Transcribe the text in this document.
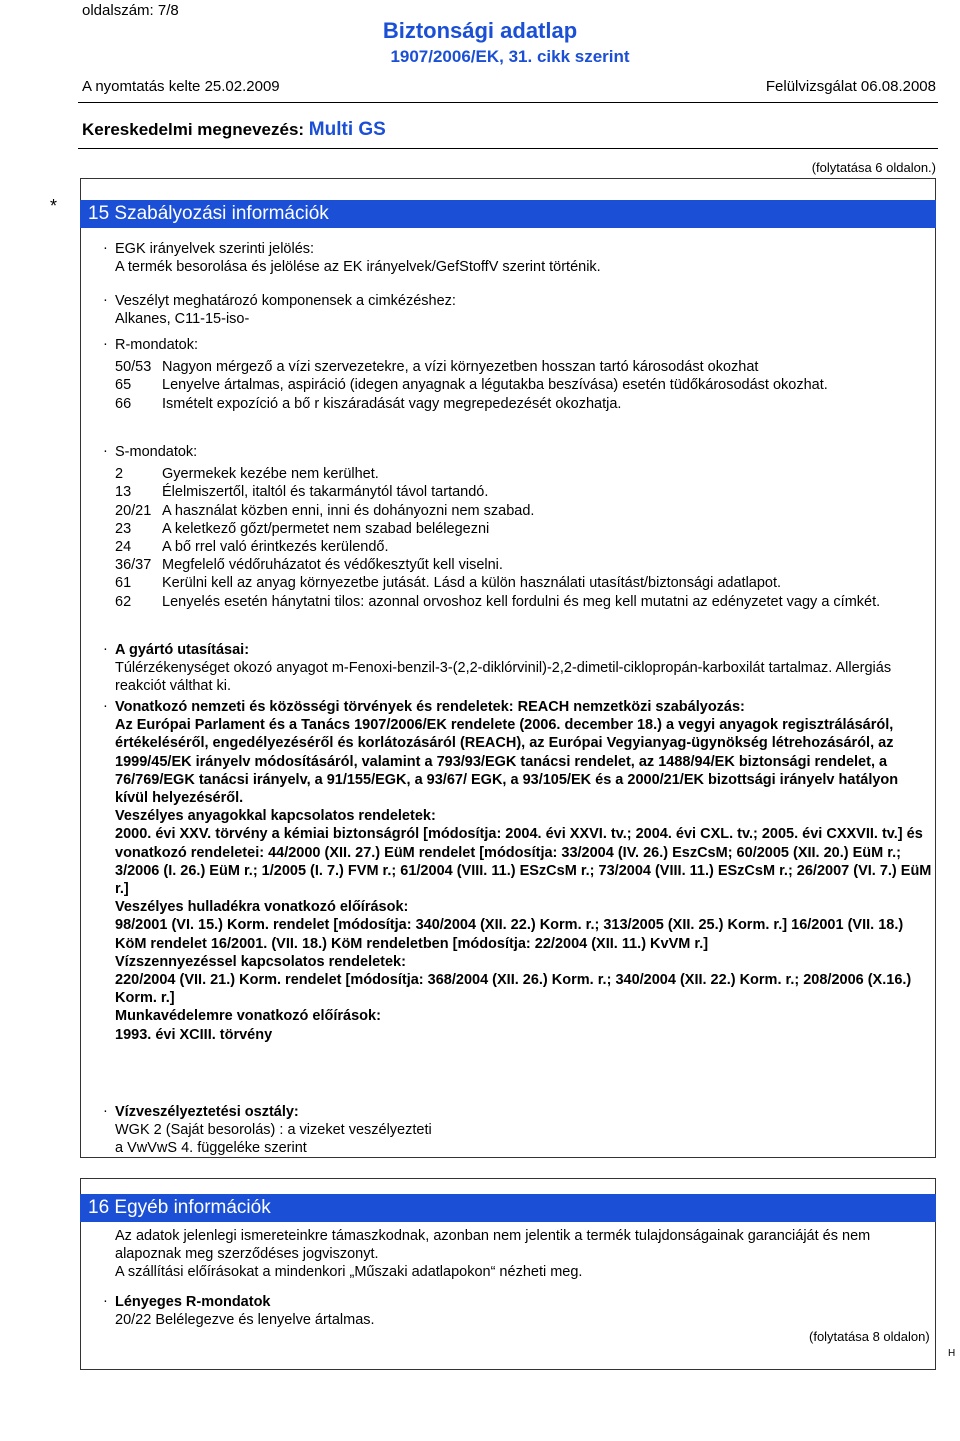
oldalszám: 7/8
Biztonsági adatlap
1907/2006/EK, 31. cikk szerint
A nyomtatás kelte 25.02.2009	Felülvizsgálat 06.08.2008
Kereskedelmi megnevezés: Multi GS
(folytatása 6 oldalon.)
*	15 Szabályozási információk
· EGK irányelvek szerinti jelölés:

A termék besorolása és jelölése az EK irányelvek/GefStoffV szerint történik.

· Veszélyt meghatározó komponensek a cimkézéshez:

Alkanes, C11-15-iso-

· R-mondatok:

50/53 Nagyon mérgező a vízi szervezetekre, a vízi környezetben hosszan tartó károsodást okozhat
65	Lenyelve ártalmas, aspiráció (idegen anyagnak a légutakba beszívása) esetén tüdőkárosodást okozhat.
66	Ismételt expozíció a bő r kiszáradását vagy megrepedezését okozhatja.
· S-mondatok:

2	Gyermekek kezébe nem kerülhet.
13	Élelmiszertől, italtól és takarmánytól távol tartandó.
20/21 A használat közben enni, inni és dohányozni nem szabad.
23	A keletkező gőzt/permetet nem szabad belélegezni
24	A bő rrel való érintkezés kerülendő.
36/37 Megfelelő védőruházatot és védőkesztyűt kell viselni.
61	Kerülni kell az anyag környezetbe jutását. Lásd a külön használati utasítást/biztonsági adatlapot.
62	Lenyelés esetén hánytatni tilos: azonnal orvoshoz kell fordulni és meg kell mutatni az edényzetet vagy a címkét.
· A gyártó utasításai:

Túlérzékenységet okozó anyagot m-Fenoxi-benzil-3-(2,2-diklórvinil)-2,2-dimetil-ciklopropán-karboxilát tartalmaz. Allergiás reakciót válthat ki.

· Vonatkozó nemzeti és közösségi törvények és rendeletek: REACH nemzetközi szabályozás:

Az Európai Parlament és a Tanács 1907/2006/EK rendelete (2006. december 18.) a vegyi anyagok regisztrálásáról, értékeléséről, engedélyezéséről és korlátozásáról (REACH), az Európai Vegyianyag-ügynökség létrehozásáról, az 1999/45/EK irányelv módosításáról, valamint a 793/93/EGK tanácsi rendelet, az 1488/94/EK biztonsági rendelet, a 76/769/EGK tanácsi irányelv, a 91/155/EGK, a 93/67/ EGK, a 93/105/EK és a 2000/21/EK bizottsági irányelv hatályon kívül helyezéséről.

Veszélyes anyagokkal kapcsolatos rendeletek:

2000. évi XXV. törvény a kémiai biztonságról [módosítja: 2004. évi XXVI. tv.; 2004. évi CXL. tv.; 2005. évi CXXVII. tv.] és vonatkozó rendeletei: 44/2000 (XII. 27.) EüM rendelet [módosítja: 33/2004 (IV. 26.) EszCsM; 60/2005 (XII. 20.) EüM r.; 3/2006 (I. 26.) EüM r.; 1/2005 (I. 7.) FVM r.; 61/2004 (VIII. 11.) ESzCsM r.; 73/2004 (VIII. 11.) ESzCsM r.; 26/2007 (VI. 7.) EüM r.]

Veszélyes hulladékra vonatkozó előírások:

98/2001 (VI. 15.) Korm. rendelet [módosítja: 340/2004 (XII. 22.) Korm. r.; 313/2005 (XII. 25.) Korm. r.] 16/2001 (VII. 18.) KöM rendelet 16/2001. (VII. 18.) KöM rendeletben [módosítja: 22/2004 (XII. 11.) KvVM r.]

Vízszennyezéssel kapcsolatos rendeletek:

220/2004 (VII. 21.) Korm. rendelet [módosítja: 368/2004 (XII. 26.) Korm. r.; 340/2004 (XII. 22.) Korm. r.; 208/2006 (X.16.) Korm. r.]

Munkavédelemre vonatkozó előírások:

1993. évi XCIII. törvény

· Vízveszélyeztetési osztály:

WGK 2 (Saját besorolás) : a vizeket veszélyezteti

a VwVwS 4. függeléke szerint

16 Egyéb információk

Az adatok jelenlegi ismereteinkre támaszkodnak, azonban nem jelentik a termék tulajdonságainak garanciáját és nem alapoznak meg szerződéses jogviszonyt.

A szállítási előírásokat a mindenkori „Műszaki adatlapokon“ nézheti meg.

· Lényeges R-mondatok

20/22 Belélegezve és lenyelve ártalmas.

(folytatása 8 oldalon)
H
